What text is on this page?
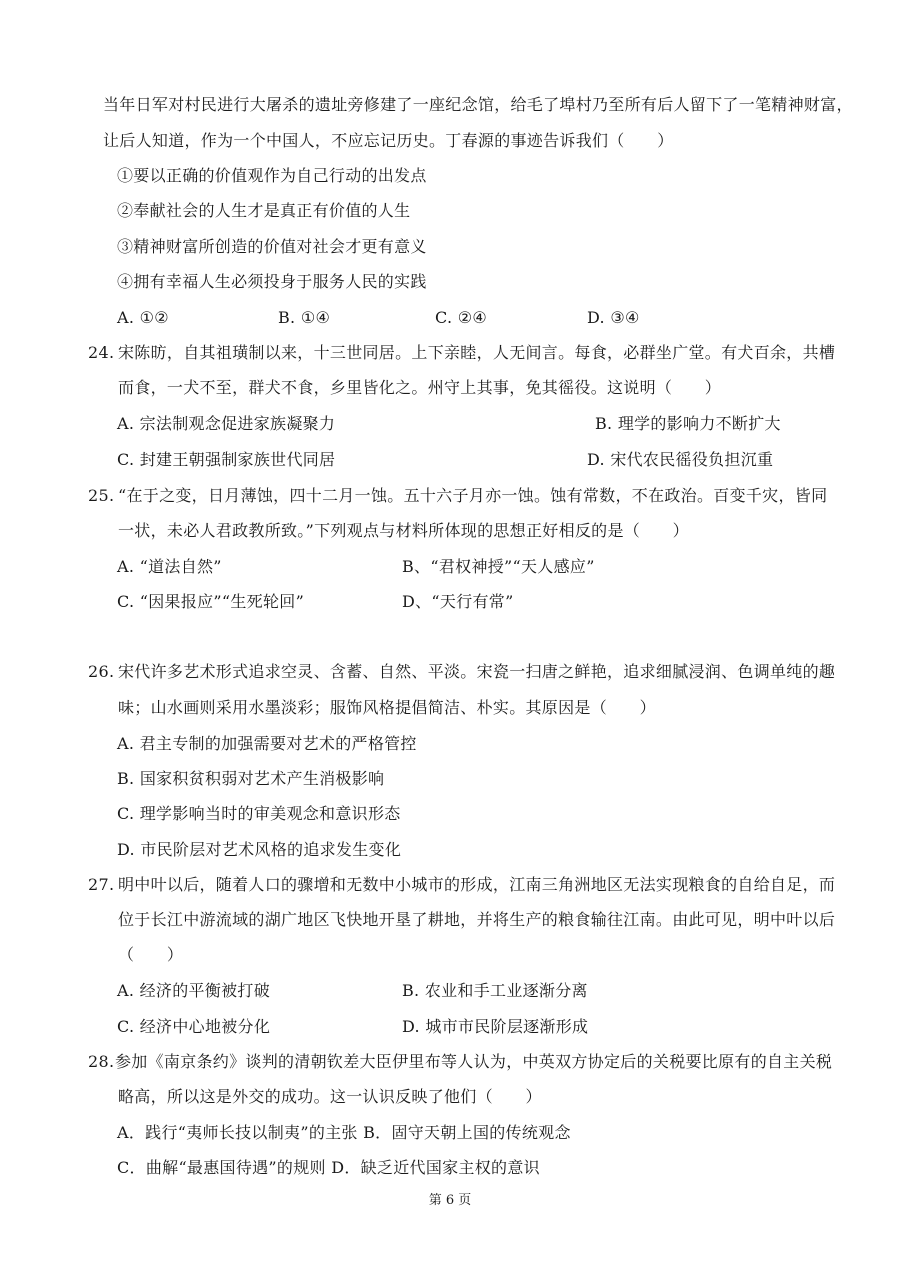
当年日军对村民进行大屠杀的遗址旁修建了一座纪念馆，给毛了埠村乃至所有后人留下了一笔精神财富，
让后人知道，作为一个中国人，不应忘记历史。丁春源的事迹告诉我们（　　）
①要以正确的价值观作为自己行动的出发点
②奉献社会的人生才是真正有价值的人生
③精神财富所创造的价值对社会才更有意义
④拥有幸福人生必须投身于服务人民的实践
A. ①②	B. ①④	C. ②④	D. ③④
24. 宋陈昉，自其祖璜制以来，十三世同居。上下亲睦，人无间言。每食，必群坐广堂。有犬百余，共槽
而食，一犬不至，群犬不食，乡里皆化之。州守上其事，免其徭役。这说明（　　）
A. 宗法制观念促进家族凝聚力	B. 理学的影响力不断扩大
C. 封建王朝强制家族世代同居	D. 宋代农民徭役负担沉重
25. “在于之变，日月薄蚀，四十二月一蚀。五十六子月亦一蚀。蚀有常数，不在政治。百变千灾，皆同
一状，未必人君政教所致。”下列观点与材料所体现的思想正好相反的是（　　）
A. “道法自然”	B、“君权神授”“天人感应”
C. “因果报应”“生死轮回”	D、“天行有常”
26. 宋代许多艺术形式追求空灵、含蓄、自然、平淡。宋瓷一扫唐之鲜艳，追求细腻浸润、色调单纯的趣
味；山水画则采用水墨淡彩；服饰风格提倡简洁、朴实。其原因是（　　）
A. 君主专制的加强需要对艺术的严格管控
B. 国家积贫积弱对艺术产生消极影响
C. 理学影响当时的审美观念和意识形态
D. 市民阶层对艺术风格的追求发生变化
27. 明中叶以后，随着人口的骤增和无数中小城市的形成，江南三角洲地区无法实现粮食的自给自足，而
位于长江中游流域的湖广地区飞快地开垦了耕地，并将生产的粮食输往江南。由此可见，明中叶以后
（　　）
A. 经济的平衡被打破	B. 农业和手工业逐渐分离
C. 经济中心地被分化	D. 城市市民阶层逐渐形成
28. 参加《南京条约》谈判的清朝钦差大臣伊里布等人认为，中英双方协定后的关税要比原有的自主关税
略高，所以这是外交的成功。这一认识反映了他们（　　）
A．践行“夷师长技以制夷”的主张 B．固守天朝上国的传统观念
C．曲解“最惠国待遇”的规则 D．缺乏近代国家主权的意识
第 6 页
